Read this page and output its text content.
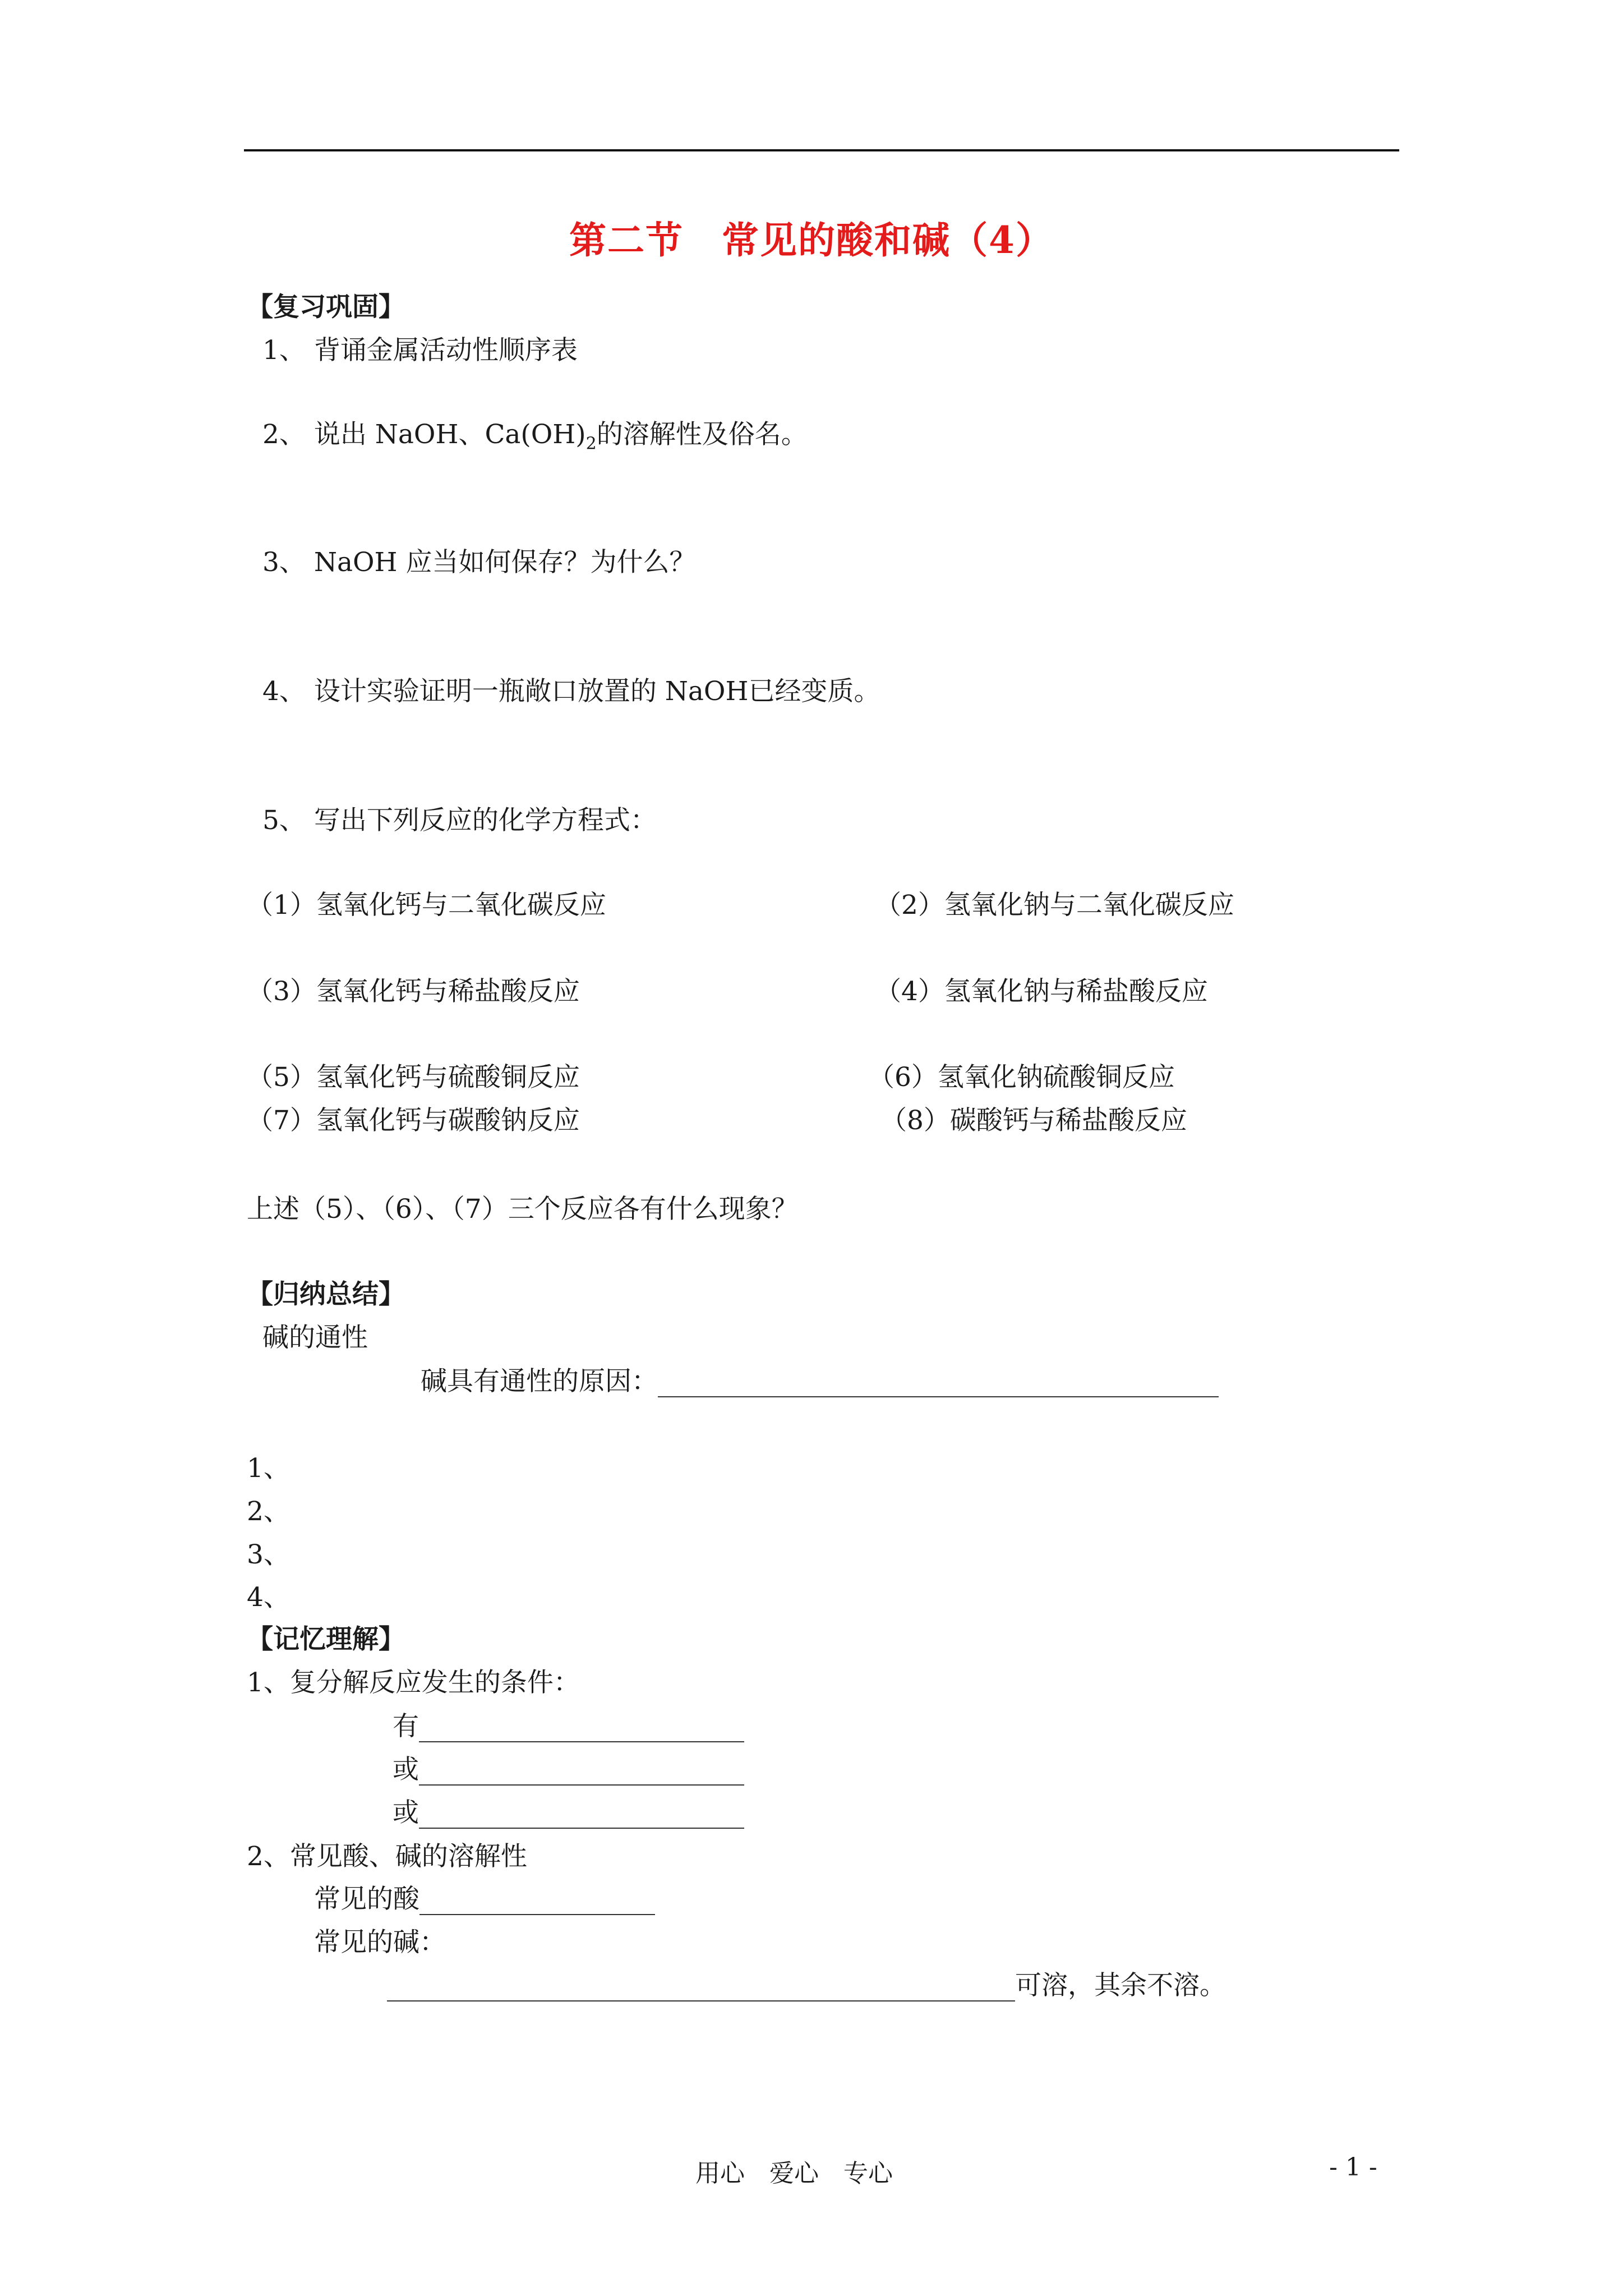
第二节　常见的酸和碱（4）
【复习巩固】
1、 背诵金属活动性顺序表
2、 说出 NaOH、$Ca(OH)_2$的溶解性及俗名。
3、 NaOH 应当如何保存？为什么？
4、 设计实验证明一瓶敞口放置的 NaOH已经变质。
5、 写出下列反应的化学方程式：
（1）氢氧化钙与二氧化碳反应	（2）氢氧化钠与二氧化碳反应
（3）氢氧化钙与稀盐酸反应	（4）氢氧化钠与稀盐酸反应
（5）氢氧化钙与硫酸铜反应	（6）氢氧化钠硫酸铜反应
（7）氢氧化钙与碳酸钠反应	（8）碳酸钙与稀盐酸反应
上述（5）、（6）、（7）三个反应各有什么现象？
【归纳总结】
碱的通性
碱具有通性的原因：
1、
2、
3、
4、
【记忆理解】
1、复分解反应发生的条件：
有
或
或
2、常见酸、碱的溶解性
常见的酸
常见的碱：
可溶，其余不溶。
用心　爱心　专心	- 1 -
